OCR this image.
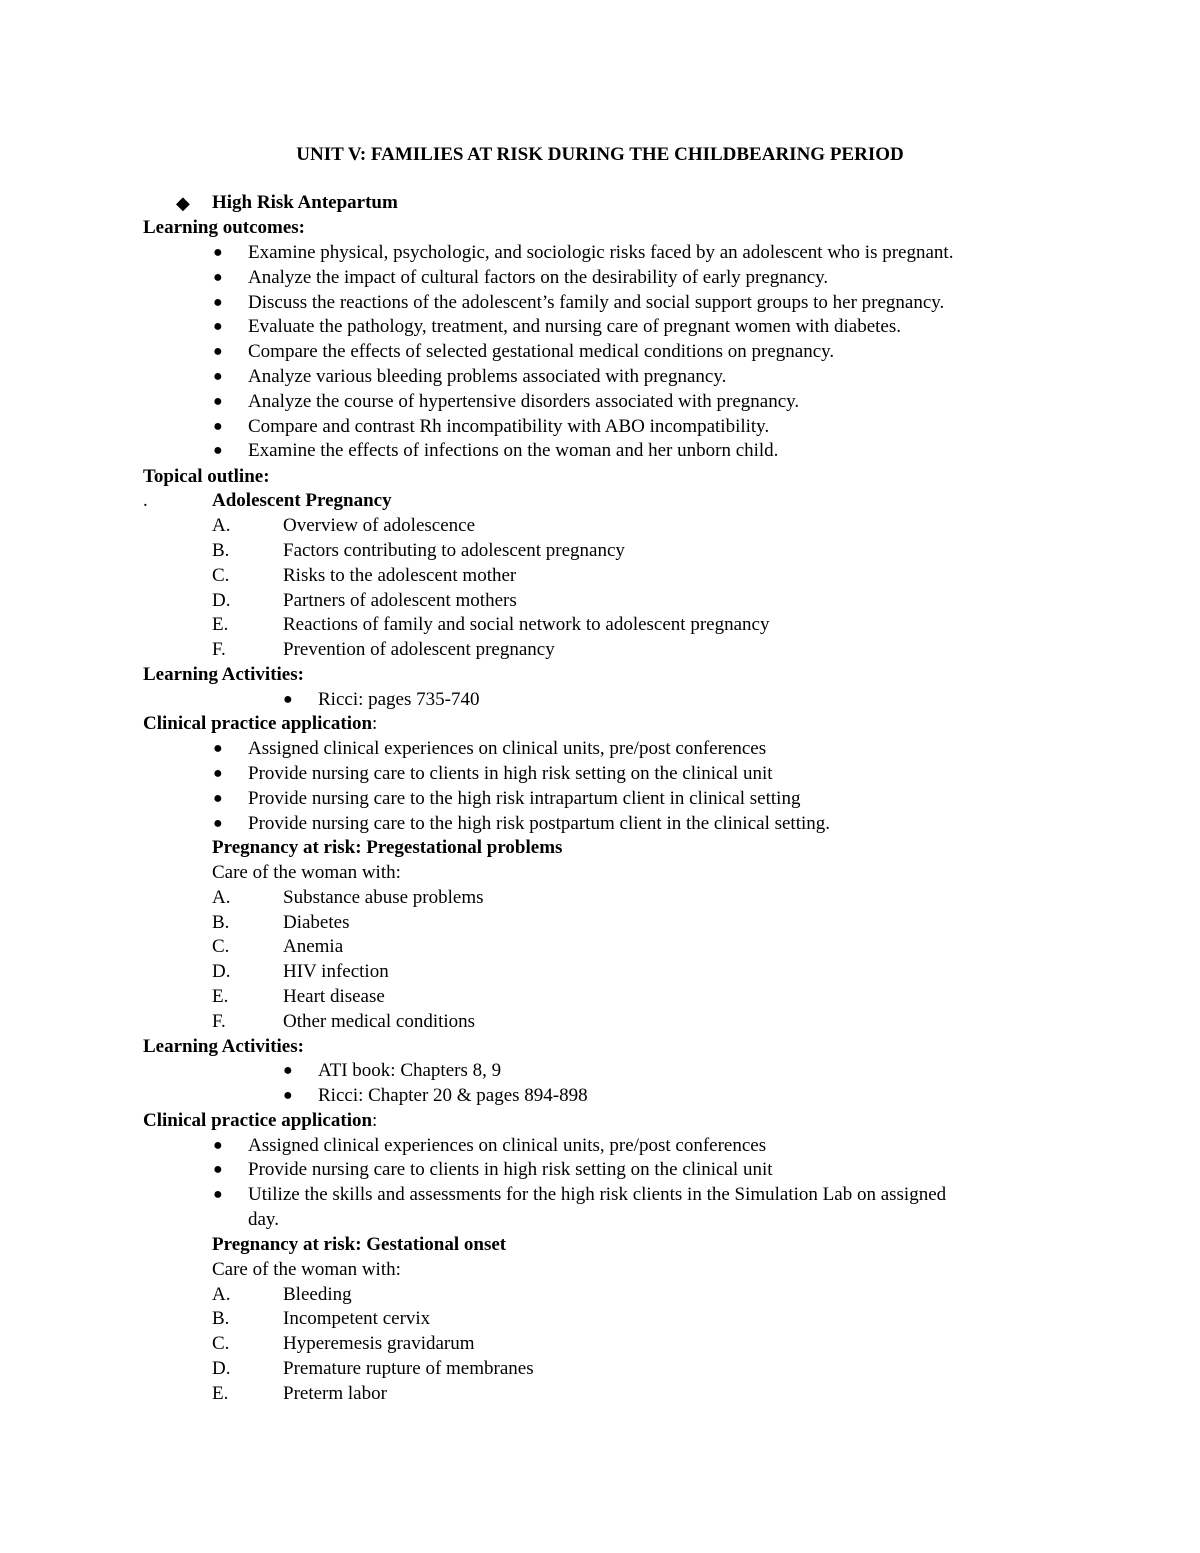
UNIT V: FAMILIES AT RISK DURING THE CHILDBEARING PERIOD
◆ High Risk Antepartum
Learning outcomes:
● Examine physical, psychologic, and sociologic risks faced by an adolescent who is pregnant.
● Analyze the impact of cultural factors on the desirability of early pregnancy.
● Discuss the reactions of the adolescent’s family and social support groups to her pregnancy.
● Evaluate the pathology, treatment, and nursing care of pregnant women with diabetes.
● Compare the effects of selected gestational medical conditions on pregnancy.
● Analyze various bleeding problems associated with pregnancy.
● Analyze the course of hypertensive disorders associated with pregnancy.
● Compare and contrast Rh incompatibility with ABO incompatibility.
● Examine the effects of infections on the woman and her unborn child.
Topical outline:
.	Adolescent Pregnancy
A.	Overview of adolescence
B.	Factors contributing to adolescent pregnancy
C.	Risks to the adolescent mother
D.	Partners of adolescent mothers
E.	Reactions of family and social network to adolescent pregnancy
F.	Prevention of adolescent pregnancy
Learning Activities:
● Ricci: pages 735-740
Clinical practice application:
● Assigned clinical experiences on clinical units, pre/post conferences
● Provide nursing care to clients in high risk setting on the clinical unit
● Provide nursing care to the high risk intrapartum client in clinical setting
● Provide nursing care to the high risk postpartum client in the clinical setting.
Pregnancy at risk: Pregestational problems
Care of the woman with:
A.	Substance abuse problems
B.	Diabetes
C.	Anemia
D.	HIV infection
E.	Heart disease
F.	Other medical conditions
Learning Activities:
● ATI book: Chapters 8, 9
● Ricci: Chapter 20 & pages 894-898
Clinical practice application:
● Assigned clinical experiences on clinical units, pre/post conferences
● Provide nursing care to clients in high risk setting on the clinical unit
● Utilize the skills and assessments for the high risk clients in the Simulation Lab on assigned
day.
Pregnancy at risk: Gestational onset
Care of the woman with:
A.	Bleeding
B.	Incompetent cervix
C.	Hyperemesis gravidarum
D.	Premature rupture of membranes
E.	Preterm labor
